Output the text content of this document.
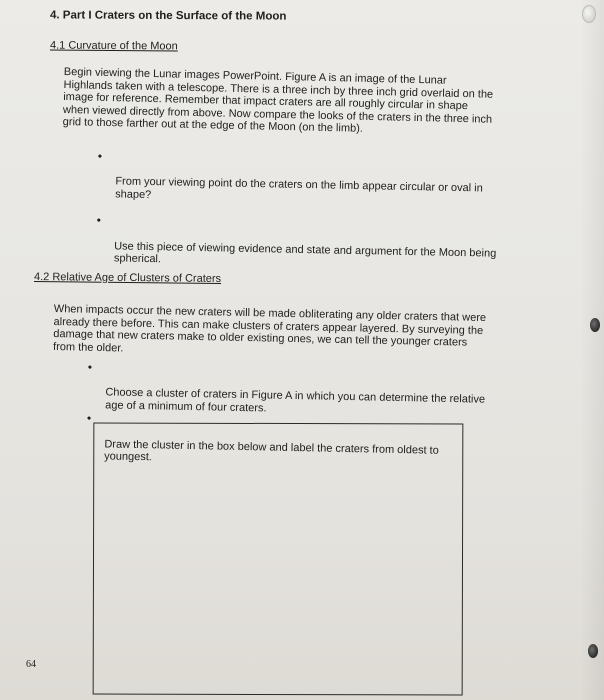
4. Part I Craters on the Surface of the Moon
4.1 Curvature of the Moon
Begin viewing the Lunar images PowerPoint. Figure A is an image of the Lunar
Highlands taken with a telescope. There is a three inch by three inch grid overlaid on the
image for reference. Remember that impact craters are all roughly circular in shape
when viewed directly from above. Now compare the looks of the craters in the three inch
grid to those farther out at the edge of the Moon (on the limb).

•

From your viewing point do the craters on the limb appear circular or oval in
shape?

•

Use this piece of viewing evidence and state and argument for the Moon being
spherical.

4.2 Relative Age of Clusters of Craters
When impacts occur the new craters will be made obliterating any older craters that were
already there before. This can make clusters of craters appear layered. By surveying the
damage that new craters make to older existing ones, we can tell the younger craters
from the older.

•

Choose a cluster of craters in Figure A in which you can determine the relative
age of a minimum of four craters.

•

Draw the cluster in the box below and label the craters from oldest to
youngest.

64
